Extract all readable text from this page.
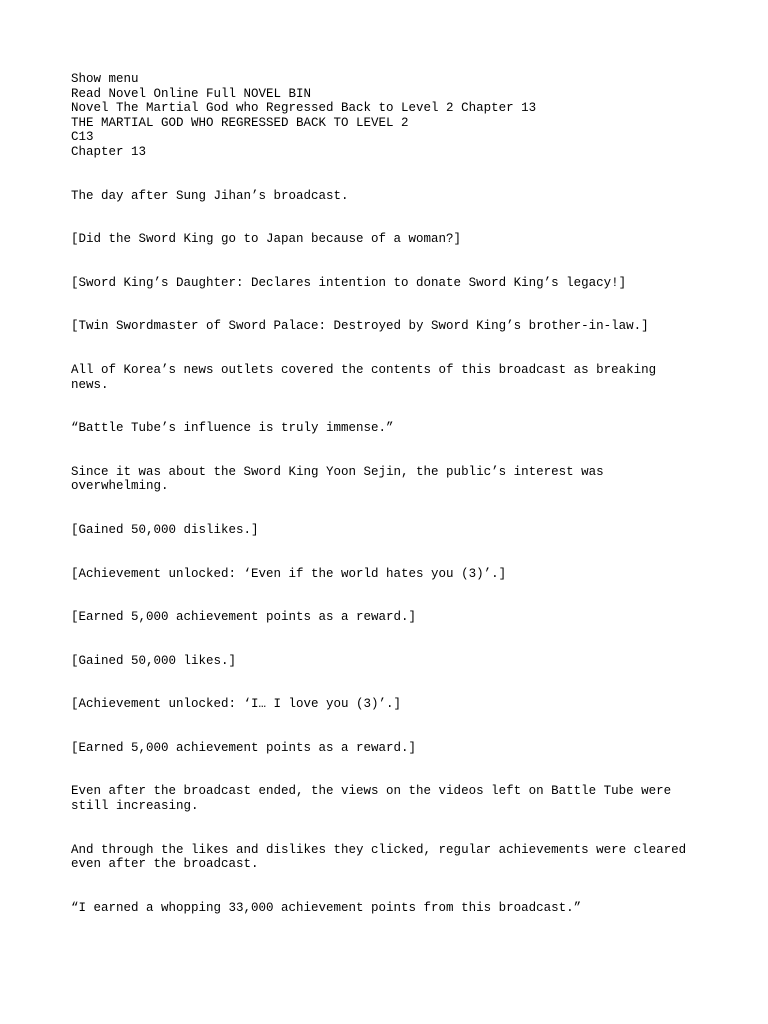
Show menu
Read Novel Online Full NOVEL BIN
Novel The Martial God who Regressed Back to Level 2 Chapter 13
THE MARTIAL GOD WHO REGRESSED BACK TO LEVEL 2
C13
Chapter 13

The day after Sung Jihan’s broadcast.

[Did the Sword King go to Japan because of a woman?]

[Sword King’s Daughter: Declares intention to donate Sword King’s legacy!]

[Twin Swordmaster of Sword Palace: Destroyed by Sword King’s brother-in-law.]

All of Korea’s news outlets covered the contents of this broadcast as breaking
news.

“Battle Tube’s influence is truly immense.”

Since it was about the Sword King Yoon Sejin, the public’s interest was
overwhelming.

[Gained 50,000 dislikes.]

[Achievement unlocked: ‘Even if the world hates you (3)’.]

[Earned 5,000 achievement points as a reward.]

[Gained 50,000 likes.]

[Achievement unlocked: ‘I… I love you (3)’.]

[Earned 5,000 achievement points as a reward.]

Even after the broadcast ended, the views on the videos left on Battle Tube were
still increasing.

And through the likes and dislikes they clicked, regular achievements were cleared
even after the broadcast.

“I earned a whopping 33,000 achievement points from this broadcast.”
